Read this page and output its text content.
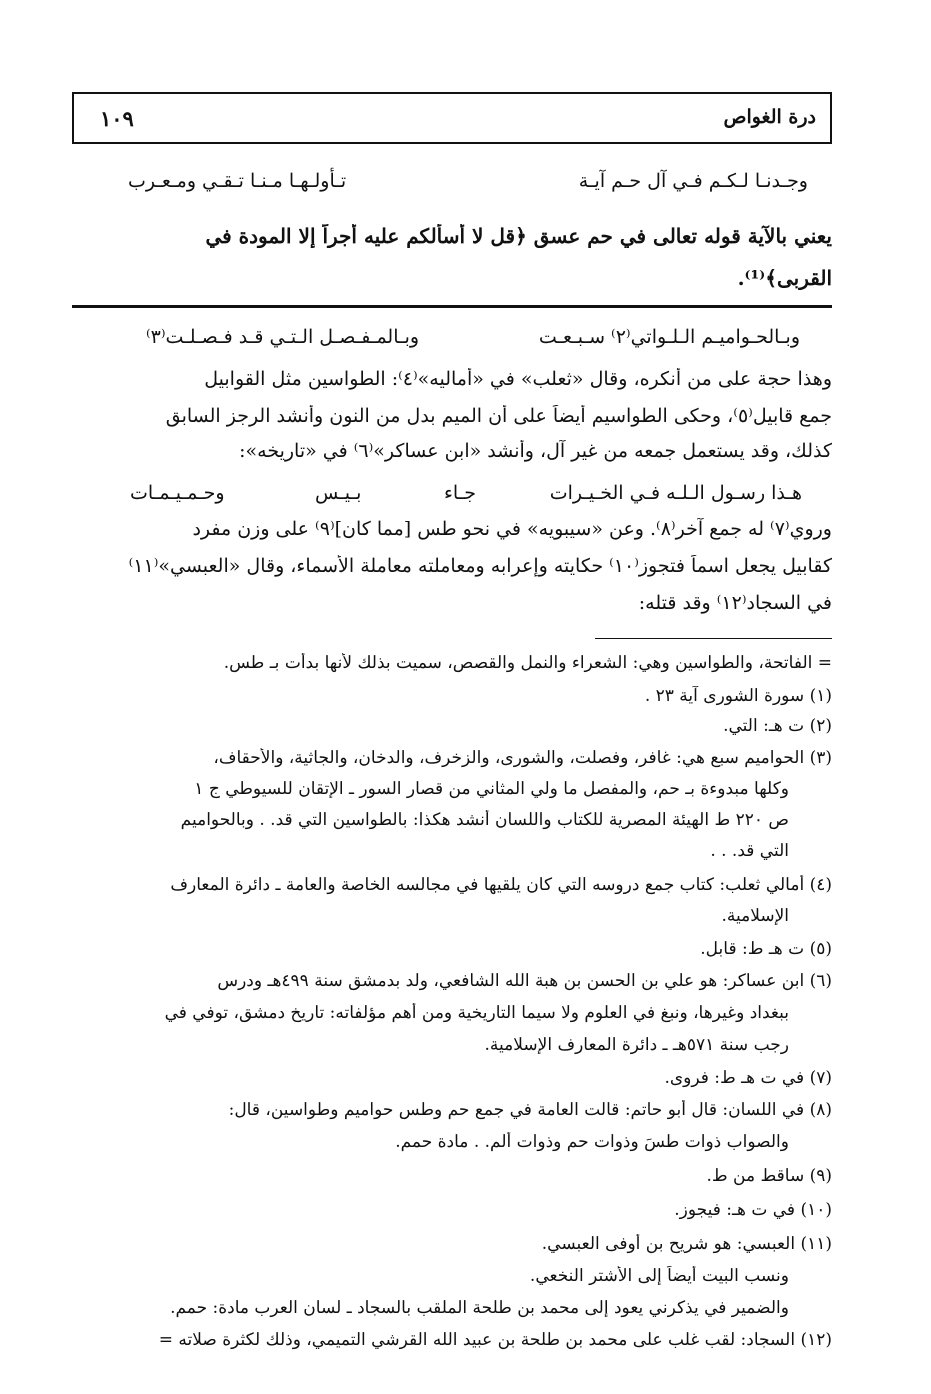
درة الغواص
١٠٩
وجـدنـا لـكـم فـي آل حـم آيـة
تـأولـهـا مـنـا تـقـي ومـعـرب
يعني بالآية قوله تعالى في حم عسق ﴿قل لا أسألكم عليه أجراً إلا المودة في
القربى﴾⁽¹⁾.
وبـالحـواميـم الـلـواتي⁽٢⁾ سـبـعـت
وبـالمـفـصـل الـتـي قـد فـصـلـت⁽٣⁾
وهذا حجة على من أنكره، وقال «ثعلب» في «أماليه»⁽٤⁾: الطواسين مثل القوابيل
جمع قابيل⁽٥⁾، وحكى الطواسيم أيضاً على أن الميم بدل من النون وأنشد الرجز السابق
كذلك، وقد يستعمل جمعه من غير آل، وأنشد «ابن عساكر»⁽٦⁾ في «تاريخه»:
هـذا رسـول الـلـه فـي الخـيـرات
جـاء
بـيـس
وحـمـيـمـات
وروي⁽٧⁾ له جمع آخر⁽٨⁾. وعن «سيبويه» في نحو طس [مما كان]⁽٩⁾ على وزن مفرد
كقابيل يجعل اسماً فتجوز⁽١٠⁾ حكايته وإعرابه ومعاملته معاملة الأسماء، وقال «العبسي»⁽١١⁾
في السجاد⁽١٢⁾ وقد قتله:
= الفاتحة، والطواسين وهي: الشعراء والنمل والقصص، سميت بذلك لأنها بدأت بـ طس.
(١) سورة الشورى آية ٢٣ .
(٢) ت هـ: التي.
(٣) الحواميم سبع هي: غافر، وفصلت، والشورى، والزخرف، والدخان، والجاثية، والأحقاف،
وكلها مبدوءة بـ حم، والمفصل ما ولي المثاني من قصار السور ـ الإتقان للسيوطي ج ١
ص ٢٢٠ ط الهيئة المصرية للكتاب واللسان أنشد هكذا: بالطواسين التي قد. . وبالحواميم
التي قد. . .
(٤) أمالي ثعلب: كتاب جمع دروسه التي كان يلقيها في مجالسه الخاصة والعامة ـ دائرة المعارف
الإسلامية.
(٥) ت هـ ط: قابل.
(٦) ابن عساكر: هو علي بن الحسن بن هبة الله الشافعي، ولد بدمشق سنة ٤٩٩هـ ودرس
ببغداد وغيرها، ونبغ في العلوم ولا سيما التاريخية ومن أهم مؤلفاته: تاريخ دمشق، توفي في
رجب سنة ٥٧١هـ ـ دائرة المعارف الإسلامية.
(٧) في ت هـ ط: فروى.
(٨) في اللسان: قال أبو حاتم: قالت العامة في جمع حم وطس حواميم وطواسين، قال:
والصواب ذوات طسَ وذوات حم وذوات ألم. . مادة حمم.
(٩) ساقط من ط.
(١٠) في ت هـ: فيجوز.
(١١) العبسي: هو شريح بن أوفى العبسي.
ونسب البيت أيضاً إلى الأشتر النخعي.
والضمير في يذكرني يعود إلى محمد بن طلحة الملقب بالسجاد ـ لسان العرب مادة: حمم.
(١٢) السجاد: لقب غلب على محمد بن طلحة بن عبيد الله القرشي التميمي، وذلك لكثرة صلاته =
